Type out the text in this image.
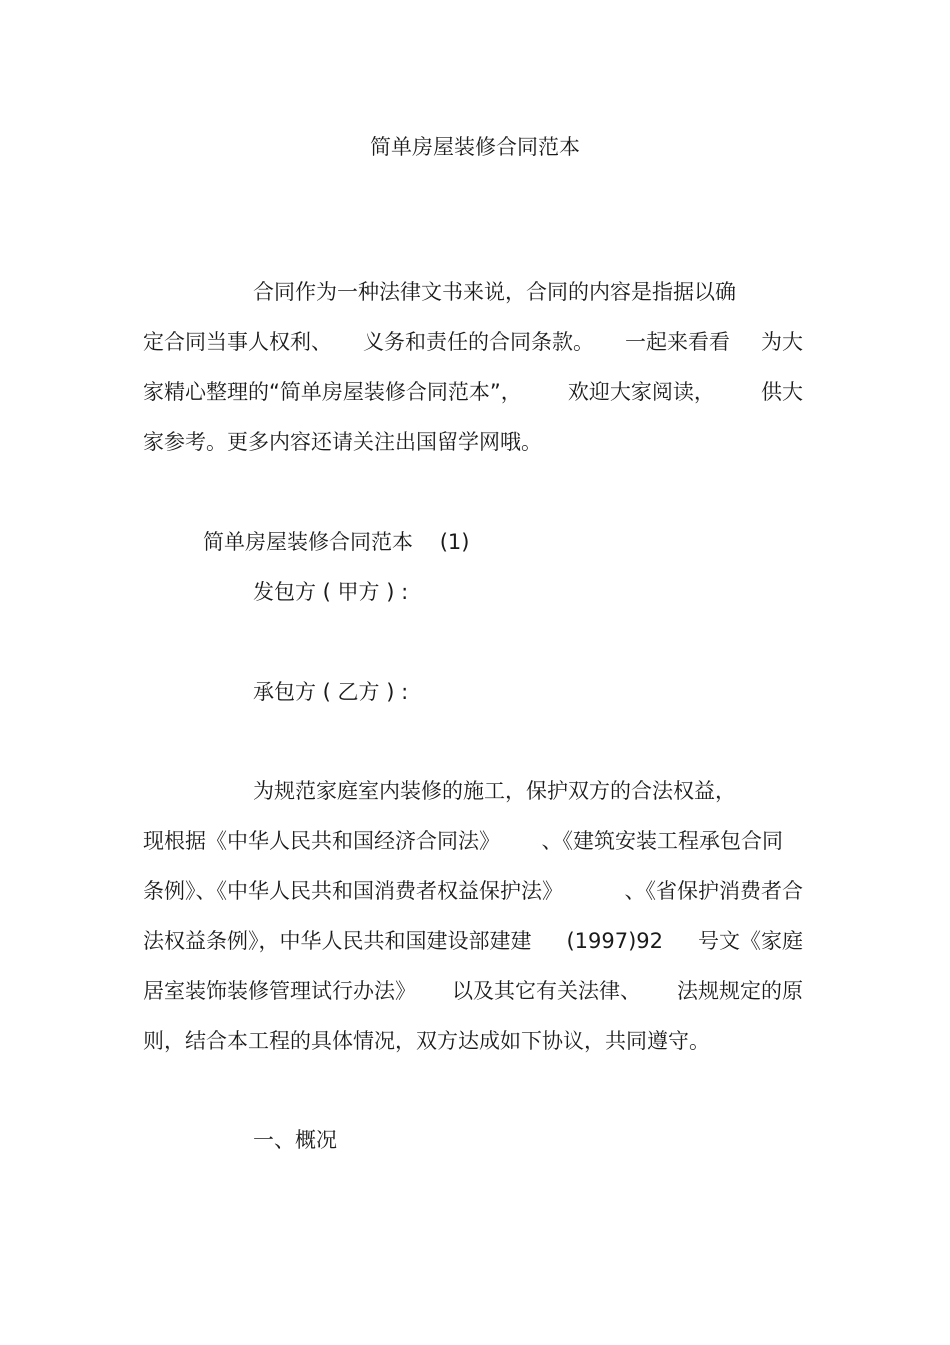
简单房屋装修合同范本
合同作为一种法律文书来说，合同的内容是指据以确
定合同当事人权利、 义务和责任的合同条款。 一起来看看 为大
家精心整理的“简单房屋装修合同范本”， 欢迎大家阅读， 供大
家参考。更多内容还请关注出国留学网哦。
简单房屋装修合同范本    (1)
发包方 ( 甲方 ) :
承包方 ( 乙方 ) :
为规范家庭室内装修的施工，保护双方的合法权益，
现根据《中华人民共和国经济合同法》 、《建筑安装工程承包合同
条例》、《中华人民共和国消费者权益保护法》	、《省保护消费者合
法权益条例》，中华人民共和国建设部建建 (1997)92 号文《家庭
居室装饰装修管理试行办法》 以及其它有关法律、 法规规定的原
则，结合本工程的具体情况，双方达成如下协议，共同遵守。
一、概况
